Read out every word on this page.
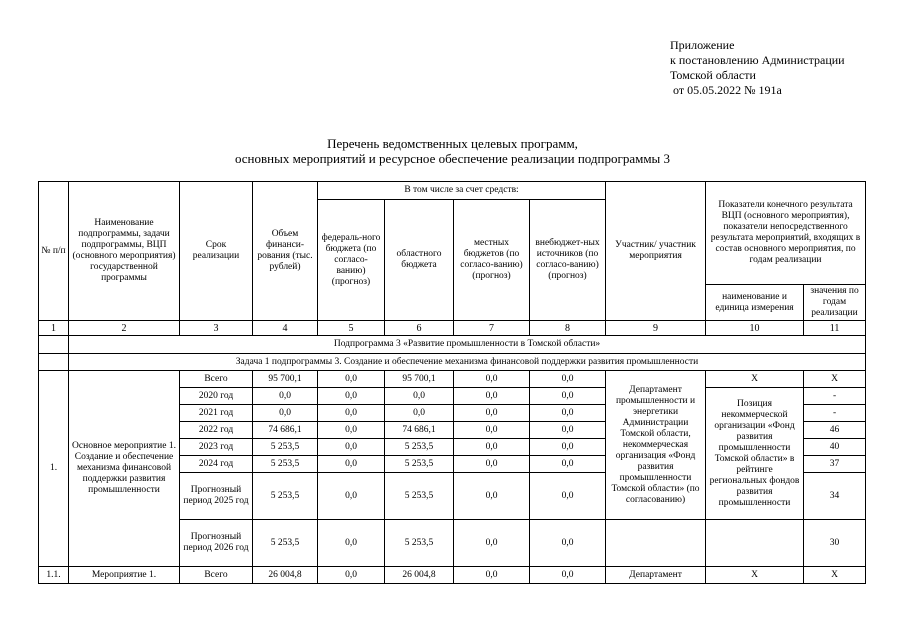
Приложение
к постановлению Администрации
Томской области
от 05.05.2022 № 191а
Перечень ведомственных целевых программ,
основных мероприятий и ресурсное обеспечение реализации подпрограммы 3
№ п/п	Наименование подпрограммы, задачи подпрограммы, ВЦП (основного мероприятия) государственной программы	Срок реализации	Объем финанси-рования (тыс. рублей)	В том числе за счет средств:				Участник/ участник мероприятия	Показатели конечного результата ВЦП (основного мероприятия), показатели непосредственного результата мероприятий, входящих в состав основного мероприятия, по годам реализации	
				федераль-ного бюджета (по согласо-ванию) (прогноз)	областного бюджета	местных бюджетов (по согласо-ванию) (прогноз)	внебюджет-ных источников (по согласо-ванию) (прогноз)			
									наименование и единица измерения	значения по годам реализации
1	2	3	4	5	6	7	8	9	10	11
	Подпрограмма 3 «Развитие промышленности в Томской области»									
	Задача 1 подпрограммы 3. Создание и обеспечение механизма финансовой поддержки развития промышленности									
1.	Основное мероприятие 1. Создание и обеспечение механизма финансовой поддержки развития промышленности	Всего	95 700,1	0,0	95 700,1	0,0	0,0	Департамент промышленности и энергетики Администрации Томской области, некоммерческая организация «Фонд развития промышленности Томской области» (по согласованию)	Х	Х
		2020 год	0,0	0,0	0,0	0,0	0,0		Позиция некоммерческой организации «Фонд развития промышленности Томской области» в рейтинге региональных фондов развития промышленности	-
		2021 год	0,0	0,0	0,0	0,0	0,0			-
		2022 год	74 686,1	0,0	74 686,1	0,0	0,0			46
		2023 год	5 253,5	0,0	5 253,5	0,0	0,0			40
		2024 год	5 253,5	0,0	5 253,5	0,0	0,0			37
		Прогнозный период 2025 год	5 253,5	0,0	5 253,5	0,0	0,0			34
		Прогнозный период 2026 год	5 253,5	0,0	5 253,5	0,0	0,0			30
1.1.	Мероприятие 1.	Всего	26 004,8	0,0	26 004,8	0,0	0,0	Департамент	Х	Х
